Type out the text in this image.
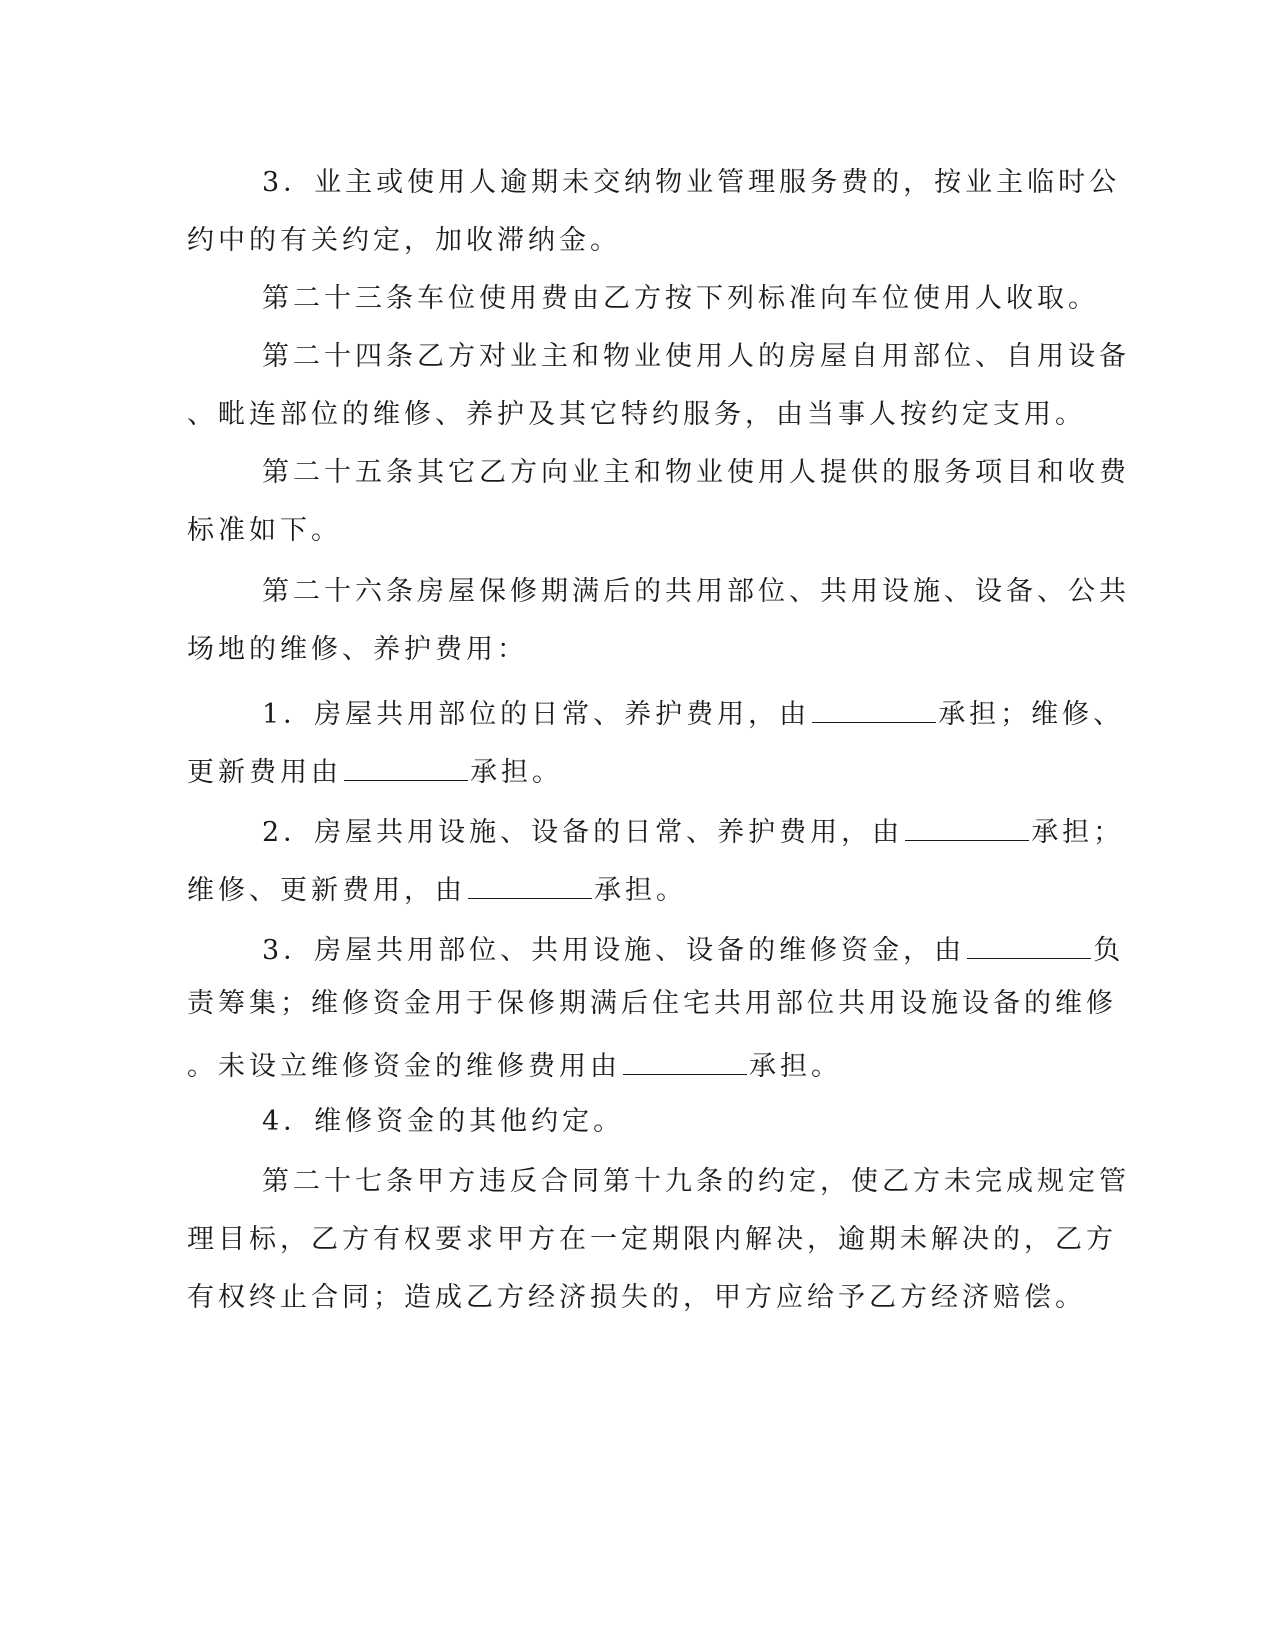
3．业主或使用人逾期未交纳物业管理服务费的，按业主临时公
约中的有关约定，加收滞纳金。
第二十三条车位使用费由乙方按下列标准向车位使用人收取。
第二十四条乙方对业主和物业使用人的房屋自用部位、自用设备
、毗连部位的维修、养护及其它特约服务，由当事人按约定支用。
第二十五条其它乙方向业主和物业使用人提供的服务项目和收费
标准如下。
第二十六条房屋保修期满后的共用部位、共用设施、设备、公共
场地的维修、养护费用：
1．房屋共用部位的日常、养护费用，由	承担；维修、
更新费用由	承担。
2．房屋共用设施、设备的日常、养护费用，由	承担；
维修、更新费用，由	承担。
3．房屋共用部位、共用设施、设备的维修资金，由	负
责筹集；维修资金用于保修期满后住宅共用部位共用设施设备的维修
。未设立维修资金的维修费用由	承担。
4．维修资金的其他约定。
第二十七条甲方违反合同第十九条的约定，使乙方未完成规定管
理目标，乙方有权要求甲方在一定期限内解决，逾期未解决的，乙方
有权终止合同；造成乙方经济损失的，甲方应给予乙方经济赔偿。
